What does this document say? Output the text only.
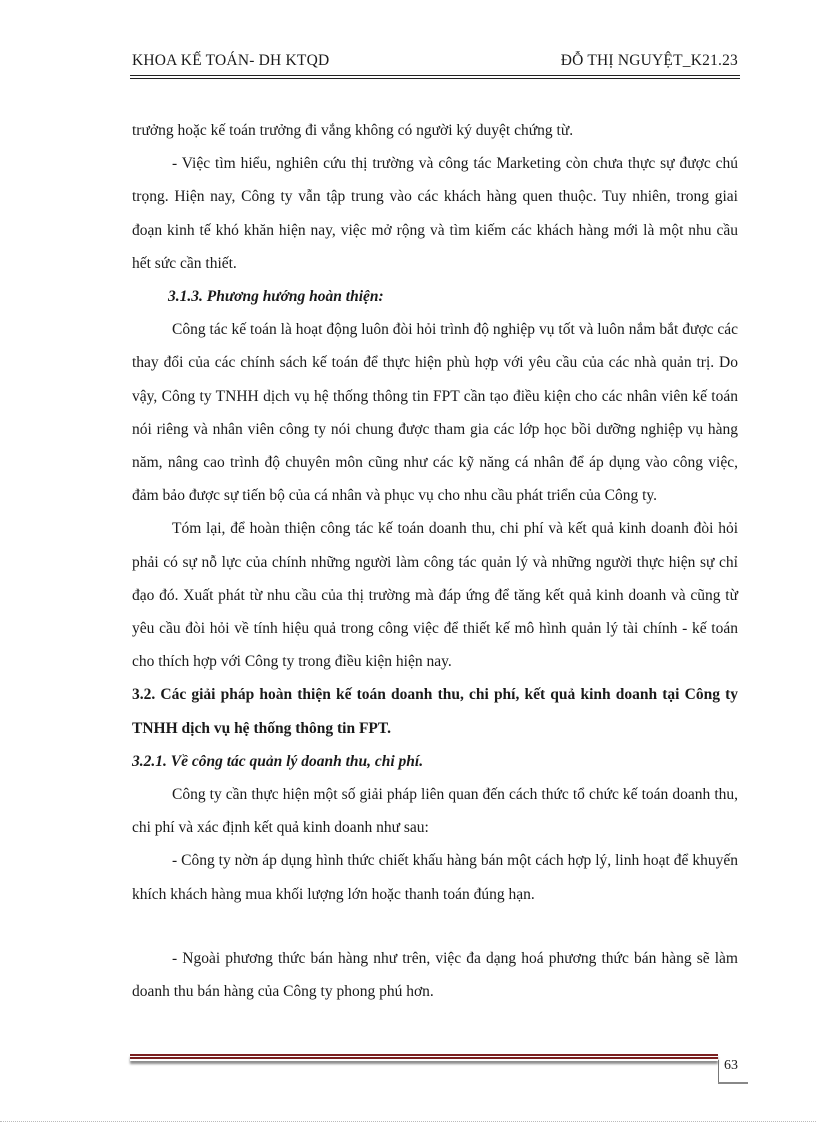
KHOA KẾ TOÁN- DH KTQD	ĐỖ THỊ NGUYỆT_K21.23

trưởng hoặc kế toán trưởng đi vắng không có người ký duyệt chứng từ.

- Việc tìm hiểu, nghiên cứu thị trường và công tác Marketing còn chưa thực sự được chú trọng. Hiện nay, Công ty vẫn tập trung vào các khách hàng quen thuộc. Tuy nhiên, trong giai đoạn kinh tế khó khăn hiện nay, việc mở rộng và tìm kiếm các khách hàng mới là một nhu cầu hết sức cần thiết.

3.1.3. Phương hướng hoàn thiện:

Công tác kế toán là hoạt động luôn đòi hỏi trình độ nghiệp vụ tốt và luôn nắm bắt được các thay đổi của các chính sách kế toán để thực hiện phù hợp với yêu cầu của các nhà quản trị. Do vậy, Công ty TNHH dịch vụ hệ thống thông tin FPT cần tạo điều kiện cho các nhân viên kế toán nói riêng và nhân viên công ty nói chung được tham gia các lớp học bồi dưỡng nghiệp vụ hàng năm, nâng cao trình độ chuyên môn cũng như các kỹ năng cá nhân để áp dụng vào công việc, đảm bảo được sự tiến bộ của cá nhân và phục vụ cho nhu cầu phát triển của Công ty.

Tóm lại, để hoàn thiện công tác kế toán doanh thu, chi phí và kết quả kinh doanh đòi hỏi phải có sự nỗ lực của chính những người làm công tác quản lý và những người thực hiện sự chỉ đạo đó. Xuất phát từ nhu cầu của thị trường mà đáp ứng để tăng kết quả kinh doanh và cũng từ yêu cầu đòi hỏi về tính hiệu quả trong công việc để thiết kế mô hình quản lý tài chính - kế toán cho thích hợp với Công ty trong điều kiện hiện nay.

3.2. Các giải pháp hoàn thiện kế toán doanh thu, chi phí, kết quả kinh doanh tại Công ty TNHH dịch vụ hệ thống thông tin FPT.

3.2.1. Về công tác quản lý doanh thu, chi phí.

Công ty cần thực hiện một số giải pháp liên quan đến cách thức tổ chức kế toán doanh thu, chi phí và xác định kết quả kinh doanh như sau:

- Công ty nờn áp dụng hình thức chiết khấu hàng bán một cách hợp lý, linh hoạt để khuyến khích khách hàng mua khối lượng lớn hoặc thanh toán đúng hạn.

- Ngoài phương thức bán hàng như trên, việc đa dạng hoá phương thức bán hàng sẽ làm doanh thu bán hàng của Công ty phong phú hơn.

63
